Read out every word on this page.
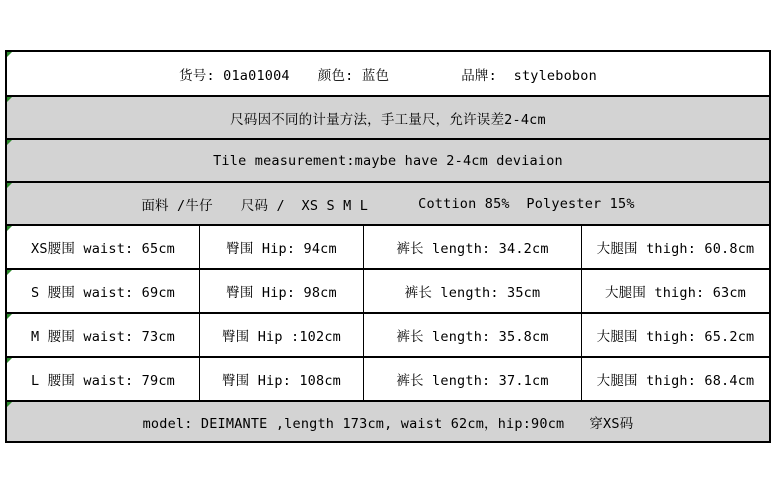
货号: 01a01004 颜色: 蓝色	品牌:  stylebobon
尺码因不同的计量方法，手工量尺，允许误差2-4cm
Tile measurement:maybe have 2-4cm deviaion
面料 /牛仔 尺码 /  XS S M L	Cottion 85%  Polyester 15%
XS腰围 waist: 65cm	臀围 Hip: 94cm	裤长 length: 34.2cm	大腿围 thigh: 60.8cm
S 腰围 waist: 69cm	臀围 Hip: 98cm	裤长 length: 35cm	大腿围 thigh: 63cm
M 腰围 waist: 73cm	臀围 Hip :102cm	裤长 length: 35.8cm	大腿围 thigh: 65.2cm
L 腰围 waist: 79cm	臀围 Hip: 108cm	裤长 length: 37.1cm	大腿围 thigh: 68.4cm
model: DEIMANTE ,length 173cm, waist 62cm，hip:90cm   穿XS码
